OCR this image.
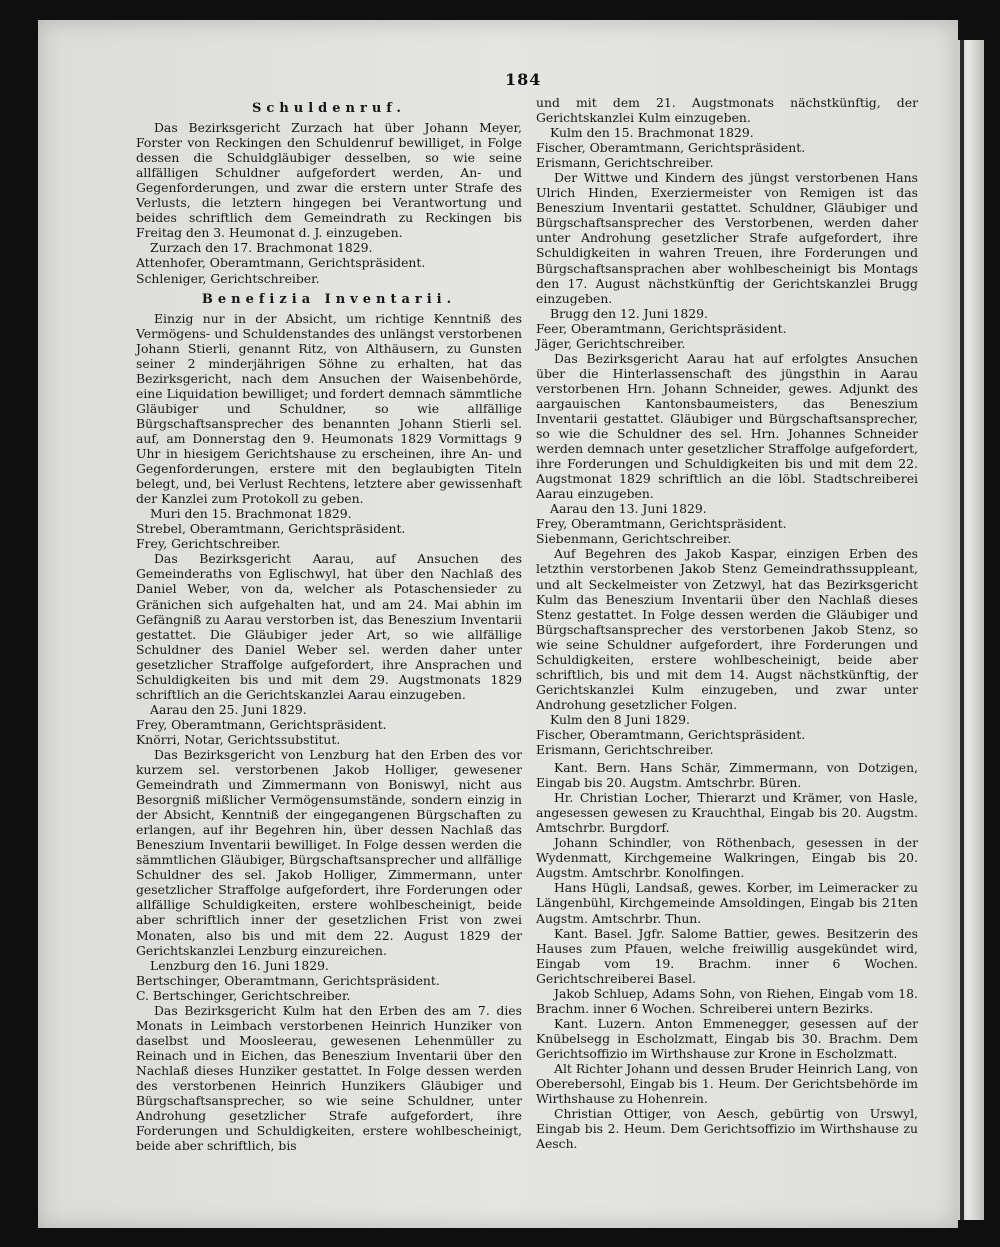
184
Schuldenruf.

Das Bezirksgericht Zurzach hat über Johann Meyer, Forster von Reckingen den Schuldenruf bewilliget, in Folge dessen die Schuldgläubiger desselben, so wie seine allfälligen Schuldner aufgefordert werden, An- und Gegenforderungen, und zwar die erstern unter Strafe des Verlusts, die letztern hingegen bei Verantwortung und beides schriftlich dem Gemeindrath zu Reckingen bis Freitag den 3. Heumonat d. J. einzugeben.

Zurzach den 17. Brachmonat 1829.

Attenhofer, Oberamtmann, Gerichtspräsident.

Schleniger, Gerichtschreiber.

Benefizia Inventarii.

Einzig nur in der Absicht, um richtige Kenntniß des Vermögens- und Schuldenstandes des unlängst verstorbenen Johann Stierli, genannt Ritz, von Althäusern, zu Gunsten seiner 2 minderjährigen Söhne zu erhalten, hat das Bezirksgericht, nach dem Ansuchen der Waisenbehörde, eine Liquidation bewilliget; und fordert demnach sämmtliche Gläubiger und Schuldner, so wie allfällige Bürgschaftsansprecher des benannten Johann Stierli sel. auf, am Donnerstag den 9. Heumonats 1829 Vormittags 9 Uhr in hiesigem Gerichtshause zu erscheinen, ihre An- und Gegenforderungen, erstere mit den beglaubigten Titeln belegt, und, bei Verlust Rechtens, letztere aber gewissenhaft der Kanzlei zum Protokoll zu geben.

Muri den 15. Brachmonat 1829.

Strebel, Oberamtmann, Gerichtspräsident.

Frey, Gerichtschreiber.

Das Bezirksgericht Aarau, auf Ansuchen des Gemeinderaths von Eglischwyl, hat über den Nachlaß des Daniel Weber, von da, welcher als Potaschensieder zu Gränichen sich aufgehalten hat, und am 24. Mai abhin im Gefängniß zu Aarau verstorben ist, das Beneszium Inventarii gestattet. Die Gläubiger jeder Art, so wie allfällige Schuldner des Daniel Weber sel. werden daher unter gesetzlicher Straffolge aufgefordert, ihre Ansprachen und Schuldigkeiten bis und mit dem 29. Augstmonats 1829 schriftlich an die Gerichtskanzlei Aarau einzugeben.

Aarau den 25. Juni 1829.

Frey, Oberamtmann, Gerichtspräsident.

Knörri, Notar, Gerichtssubstitut.

Das Bezirksgericht von Lenzburg hat den Erben des vor kurzem sel. verstorbenen Jakob Holliger, gewesener Gemeindrath und Zimmermann von Boniswyl, nicht aus Besorgniß mißlicher Vermögensumstände, sondern einzig in der Absicht, Kenntniß der eingegangenen Bürgschaften zu erlangen, auf ihr Begehren hin, über dessen Nachlaß das Beneszium Inventarii bewilliget. In Folge dessen werden die sämmtlichen Gläubiger, Bürgschaftsansprecher und allfällige Schuldner des sel. Jakob Holliger, Zimmermann, unter gesetzlicher Straffolge aufgefordert, ihre Forderungen oder allfällige Schuldigkeiten, erstere wohlbescheinigt, beide aber schriftlich inner der gesetzlichen Frist von zwei Monaten, also bis und mit dem 22. August 1829 der Gerichtskanzlei Lenzburg einzureichen.

Lenzburg den 16. Juni 1829.

Bertschinger, Oberamtmann, Gerichtspräsident.

C. Bertschinger, Gerichtschreiber.

Das Bezirksgericht Kulm hat den Erben des am 7. dies Monats in Leimbach verstorbenen Heinrich Hunziker von daselbst und Moosleerau, gewesenen Lehenmüller zu Reinach und in Eichen, das Beneszium Inventarii über den Nachlaß dieses Hunziker gestattet. In Folge dessen werden des verstorbenen Heinrich Hunzikers Gläubiger und Bürgschaftsansprecher, so wie seine Schuldner, unter Androhung gesetzlicher Strafe aufgefordert, ihre Forderungen und Schuldigkeiten, erstere wohlbescheinigt, beide aber schriftlich, bis

und mit dem 21. Augstmonats nächstkünftig, der Gerichtskanzlei Kulm einzugeben.

Kulm den 15. Brachmonat 1829.

Fischer, Oberamtmann, Gerichtspräsident.

Erismann, Gerichtschreiber.

Der Wittwe und Kindern des jüngst verstorbenen Hans Ulrich Hinden, Exerziermeister von Remigen ist das Beneszium Inventarii gestattet. Schuldner, Gläubiger und Bürgschaftsansprecher des Verstorbenen, werden daher unter Androhung gesetzlicher Strafe aufgefordert, ihre Schuldigkeiten in wahren Treuen, ihre Forderungen und Bürgschaftsansprachen aber wohlbescheinigt bis Montags den 17. August nächstkünftig der Gerichtskanzlei Brugg einzugeben.

Brugg den 12. Juni 1829.

Feer, Oberamtmann, Gerichtspräsident.

Jäger, Gerichtschreiber.

Das Bezirksgericht Aarau hat auf erfolgtes Ansuchen über die Hinterlassenschaft des jüngsthin in Aarau verstorbenen Hrn. Johann Schneider, gewes. Adjunkt des aargauischen Kantonsbaumeisters, das Beneszium Inventarii gestattet. Gläubiger und Bürgschaftsansprecher, so wie die Schuldner des sel. Hrn. Johannes Schneider werden demnach unter gesetzlicher Straffolge aufgefordert, ihre Forderungen und Schuldigkeiten bis und mit dem 22. Augstmonat 1829 schriftlich an die löbl. Stadtschreiberei Aarau einzugeben.

Aarau den 13. Juni 1829.

Frey, Oberamtmann, Gerichtspräsident.

Siebenmann, Gerichtschreiber.

Auf Begehren des Jakob Kaspar, einzigen Erben des letzthin verstorbenen Jakob Stenz Gemeindrathssuppleant, und alt Seckelmeister von Zetzwyl, hat das Bezirksgericht Kulm das Beneszium Inventarii über den Nachlaß dieses Stenz gestattet. In Folge dessen werden die Gläubiger und Bürgschaftsansprecher des verstorbenen Jakob Stenz, so wie seine Schuldner aufgefordert, ihre Forderungen und Schuldigkeiten, erstere wohlbescheinigt, beide aber schriftlich, bis und mit dem 14. Augst nächstkünftig, der Gerichtskanzlei Kulm einzugeben, und zwar unter Androhung gesetzlicher Folgen.

Kulm den 8 Juni 1829.

Fischer, Oberamtmann, Gerichtspräsident.

Erismann, Gerichtschreiber.

Kant. Bern. Hans Schär, Zimmermann, von Dotzigen, Eingab bis 20. Augstm. Amtschrbr. Büren.

Hr. Christian Locher, Thierarzt und Krämer, von Hasle, angesessen gewesen zu Krauchthal, Eingab bis 20. Augstm. Amtschrbr. Burgdorf.

Johann Schindler, von Röthenbach, gesessen in der Wydenmatt, Kirchgemeine Walkringen, Eingab bis 20. Augstm. Amtschrbr. Konolfingen.

Hans Hügli, Landsaß, gewes. Korber, im Leimeracker zu Längenbühl, Kirchgemeinde Amsoldingen, Eingab bis 21ten Augstm. Amtschrbr. Thun.

Kant. Basel. Jgfr. Salome Battier, gewes. Besitzerin des Hauses zum Pfauen, welche freiwillig ausgekündet wird, Eingab vom 19. Brachm. inner 6 Wochen. Gerichtschreiberei Basel.

Jakob Schluep, Adams Sohn, von Riehen, Eingab vom 18. Brachm. inner 6 Wochen. Schreiberei untern Bezirks.

Kant. Luzern. Anton Emmenegger, gesessen auf der Knübelsegg in Escholzmatt, Eingab bis 30. Brachm. Dem Gerichtsoffizio im Wirthshause zur Krone in Escholzmatt.

Alt Richter Johann und dessen Bruder Heinrich Lang, von Oberebersohl, Eingab bis 1. Heum. Der Gerichtsbehörde im Wirthshause zu Hohenrein.

Christian Ottiger, von Aesch, gebürtig von Urswyl, Eingab bis 2. Heum. Dem Gerichtsoffizio im Wirthshause zu Aesch.
